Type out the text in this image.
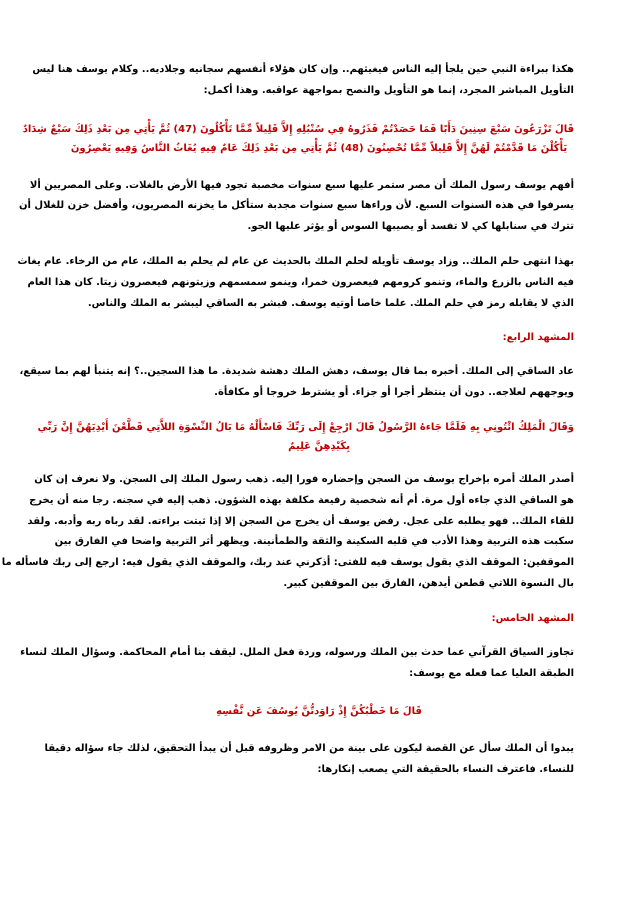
هكذا ببراءة النبي حين يلجأ إليه الناس فيغيثهم.. وإن كان هؤلاء أنفسهم سجانيه وجلاديه.. وكلام يوسف هنا ليس
التأويل المباشر المجرد، إنما هو التأويل والنصح بمواجهة عواقبه. وهذا أكمل:
قَالَ تَزْرَعُونَ سَبْعَ سِنِينَ دَأَبًا فَمَا حَصَدْتُمْ فَذَرُوهُ فِي سُنْبُلِهِ إِلاَّ قَلِيلاً مِّمَّا تَأْكُلُونَ (47) ثُمَّ يَأْتِي مِن بَعْدِ ذَلِكَ سَبْعٌ شِدَادٌ
يَأْكُلْنَ مَا قَدَّمْتُمْ لَهُنَّ إِلاَّ قَلِيلاً مِّمَّا تُحْصِنُونَ (48) ثُمَّ يَأْتِي مِن بَعْدِ ذَلِكَ عَامٌ فِيهِ يُغَاثُ النَّاسُ وَفِيهِ يَعْصِرُونَ
أفهم يوسف رسول الملك أن مصر ستمر عليها سبع سنوات مخصبة تجود فيها الأرض بالغلات. وعلى المصريين ألا
يسرفوا في هذه السنوات السبع. لأن وراءها سبع سنوات مجدبة ستأكل ما يخزنه المصريون، وأفضل خزن للغلال أن
تترك في سنابلها كي لا تفسد أو يصيبها السوس أو يؤثر عليها الجو.
بهذا انتهى حلم الملك.. وزاد يوسف تأويله لحلم الملك بالحديث عن عام لم يحلم به الملك، عام من الرخاء. عام يغاث
فيه الناس بالزرع والماء، وتنمو كرومهم فيعصرون خمرا، وينمو سمسمهم وزيتونهم فيعصرون زيتا. كان هذا العام
الذي لا يقابله رمز في حلم الملك. علما خاصا أوتيه يوسف. فبشر به الساقي ليبشر به الملك والناس.
المشهد الرابع:
عاد الساقي إلى الملك. أخبره بما قال يوسف، دهش الملك دهشة شديدة. ما هذا السجين..؟ إنه يتنبأ لهم بما سيقع،
ويوجههم لعلاجه.. دون أن ينتظر أجرا أو جزاء. أو يشترط خروجا أو مكافأة.
وَقَالَ الْمَلِكُ ائْتُونِي بِهِ فَلَمَّا جَاءهُ الرَّسُولُ قَالَ ارْجِعْ إِلَى رَبِّكَ فَاسْأَلْهُ مَا بَالُ النِّسْوَةِ اللاَّتِي قَطَّعْنَ أَيْدِيَهُنَّ إِنَّ رَبِّي
بِكَيْدِهِنَّ عَلِيمٌ
أصدر الملك أمره بإخراج يوسف من السجن وإحضاره فورا إليه. ذهب رسول الملك إلى السجن. ولا نعرف إن كان
هو الساقي الذي جاءه أول مرة. أم أنه شخصية رفيعة مكلفة بهذه الشؤون. ذهب إليه في سجنه. رجا منه أن يخرج
للقاء الملك.. فهو يطلبه على عجل. رفض يوسف أن يخرج من السجن إلا إذا ثبتت براءته. لقد رباه ربه وأدبه. ولقد
سكبت هذه التربية وهذا الأدب في قلبه السكينة والثقة والطمأنينة. ويظهر أثر التربية واضحا في الفارق بين
الموقفين: الموقف الذي يقول يوسف فيه للفتى: أذكرني عند ربك، والموقف الذي يقول فيه: ارجع إلى ربك فاسأله ما
بال النسوة اللاتي قطعن أيدهن، الفارق بين الموقفين كبير.
المشهد الخامس:
تجاوز السياق القرآني عما حدث بين الملك ورسوله، وردة فعل الملل. ليقف بنا أمام المحاكمة. وسؤال الملك لنساء
الطبقة العليا عما فعله مع يوسف:
قَالَ مَا خَطْبُكُنَّ إِذْ رَاوَدتُّنَّ يُوسُفَ عَن نَّفْسِهِ
يبدوا أن الملك سأل عن القصة ليكون على بينة من الامر وظروفه قبل أن يبدأ التحقيق، لذلك جاء سؤاله دقيقا
للنساء. فاعترف النساء بالحقيقة التي يصعب إنكارها:
